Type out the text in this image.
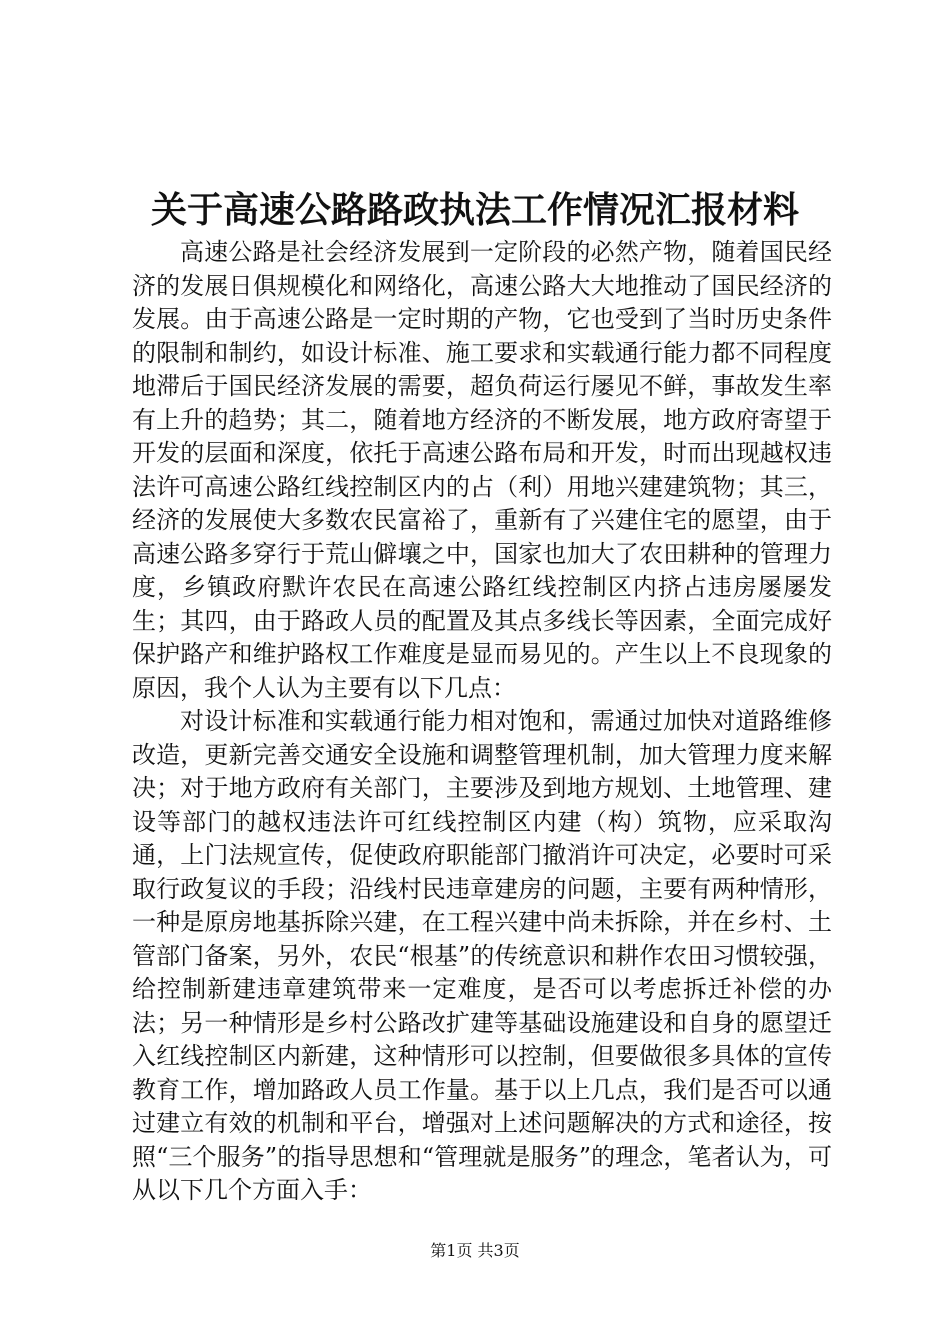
关于高速公路路政执法工作情况汇报材料

高速公路是社会经济发展到一定阶段的必然产物，随着国民经济的发展日俱规模化和网络化，高速公路大大地推动了国民经济的发展。由于高速公路是一定时期的产物，它也受到了当时历史条件的限制和制约，如设计标准、施工要求和实载通行能力都不同程度地滞后于国民经济发展的需要，超负荷运行屡见不鲜，事故发生率有上升的趋势；其二，随着地方经济的不断发展，地方政府寄望于开发的层面和深度，依托于高速公路布局和开发，时而出现越权违法许可高速公路红线控制区内的占（利）用地兴建建筑物；其三，经济的发展使大多数农民富裕了，重新有了兴建住宅的愿望，由于高速公路多穿行于荒山僻壤之中，国家也加大了农田耕种的管理力度，乡镇政府默许农民在高速公路红线控制区内挤占违房屡屡发生；其四，由于路政人员的配置及其点多线长等因素，全面完成好保护路产和维护路权工作难度是显而易见的。产生以上不良现象的原因，我个人认为主要有以下几点：

对设计标准和实载通行能力相对饱和，需通过加快对道路维修改造，更新完善交通安全设施和调整管理机制，加大管理力度来解决；对于地方政府有关部门，主要涉及到地方规划、土地管理、建设等部门的越权违法许可红线控制区内建（构）筑物，应采取沟通，上门法规宣传，促使政府职能部门撤消许可决定，必要时可采取行政复议的手段；沿线村民违章建房的问题，主要有两种情形，一种是原房地基拆除兴建，在工程兴建中尚未拆除，并在乡村、土管部门备案，另外，农民“根基”的传统意识和耕作农田习惯较强，给控制新建违章建筑带来一定难度，是否可以考虑拆迁补偿的办法；另一种情形是乡村公路改扩建等基础设施建设和自身的愿望迁入红线控制区内新建，这种情形可以控制，但要做很多具体的宣传教育工作，增加路政人员工作量。基于以上几点，我们是否可以通过建立有效的机制和平台，增强对上述问题解决的方式和途径，按照“三个服务”的指导思想和“管理就是服务”的理念，笔者认为，可从以下几个方面入手：

第1页 共3页
